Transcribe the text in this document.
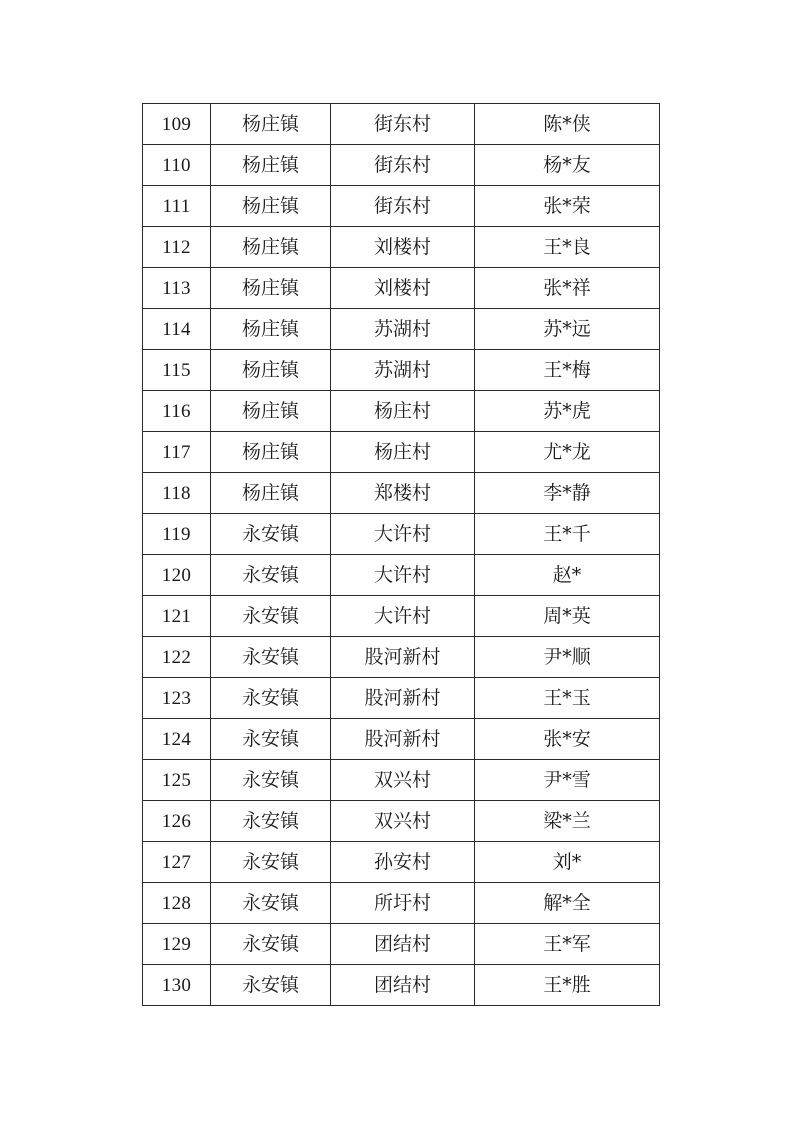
109	杨庄镇	街东村	陈*侠
110	杨庄镇	街东村	杨*友
111	杨庄镇	街东村	张*荣
112	杨庄镇	刘楼村	王*良
113	杨庄镇	刘楼村	张*祥
114	杨庄镇	苏湖村	苏*远
115	杨庄镇	苏湖村	王*梅
116	杨庄镇	杨庄村	苏*虎
117	杨庄镇	杨庄村	尤*龙
118	杨庄镇	郑楼村	李*静
119	永安镇	大许村	王*千
120	永安镇	大许村	赵*
121	永安镇	大许村	周*英
122	永安镇	股河新村	尹*顺
123	永安镇	股河新村	王*玉
124	永安镇	股河新村	张*安
125	永安镇	双兴村	尹*雪
126	永安镇	双兴村	梁*兰
127	永安镇	孙安村	刘*
128	永安镇	所圩村	解*全
129	永安镇	团结村	王*军
130	永安镇	团结村	王*胜
